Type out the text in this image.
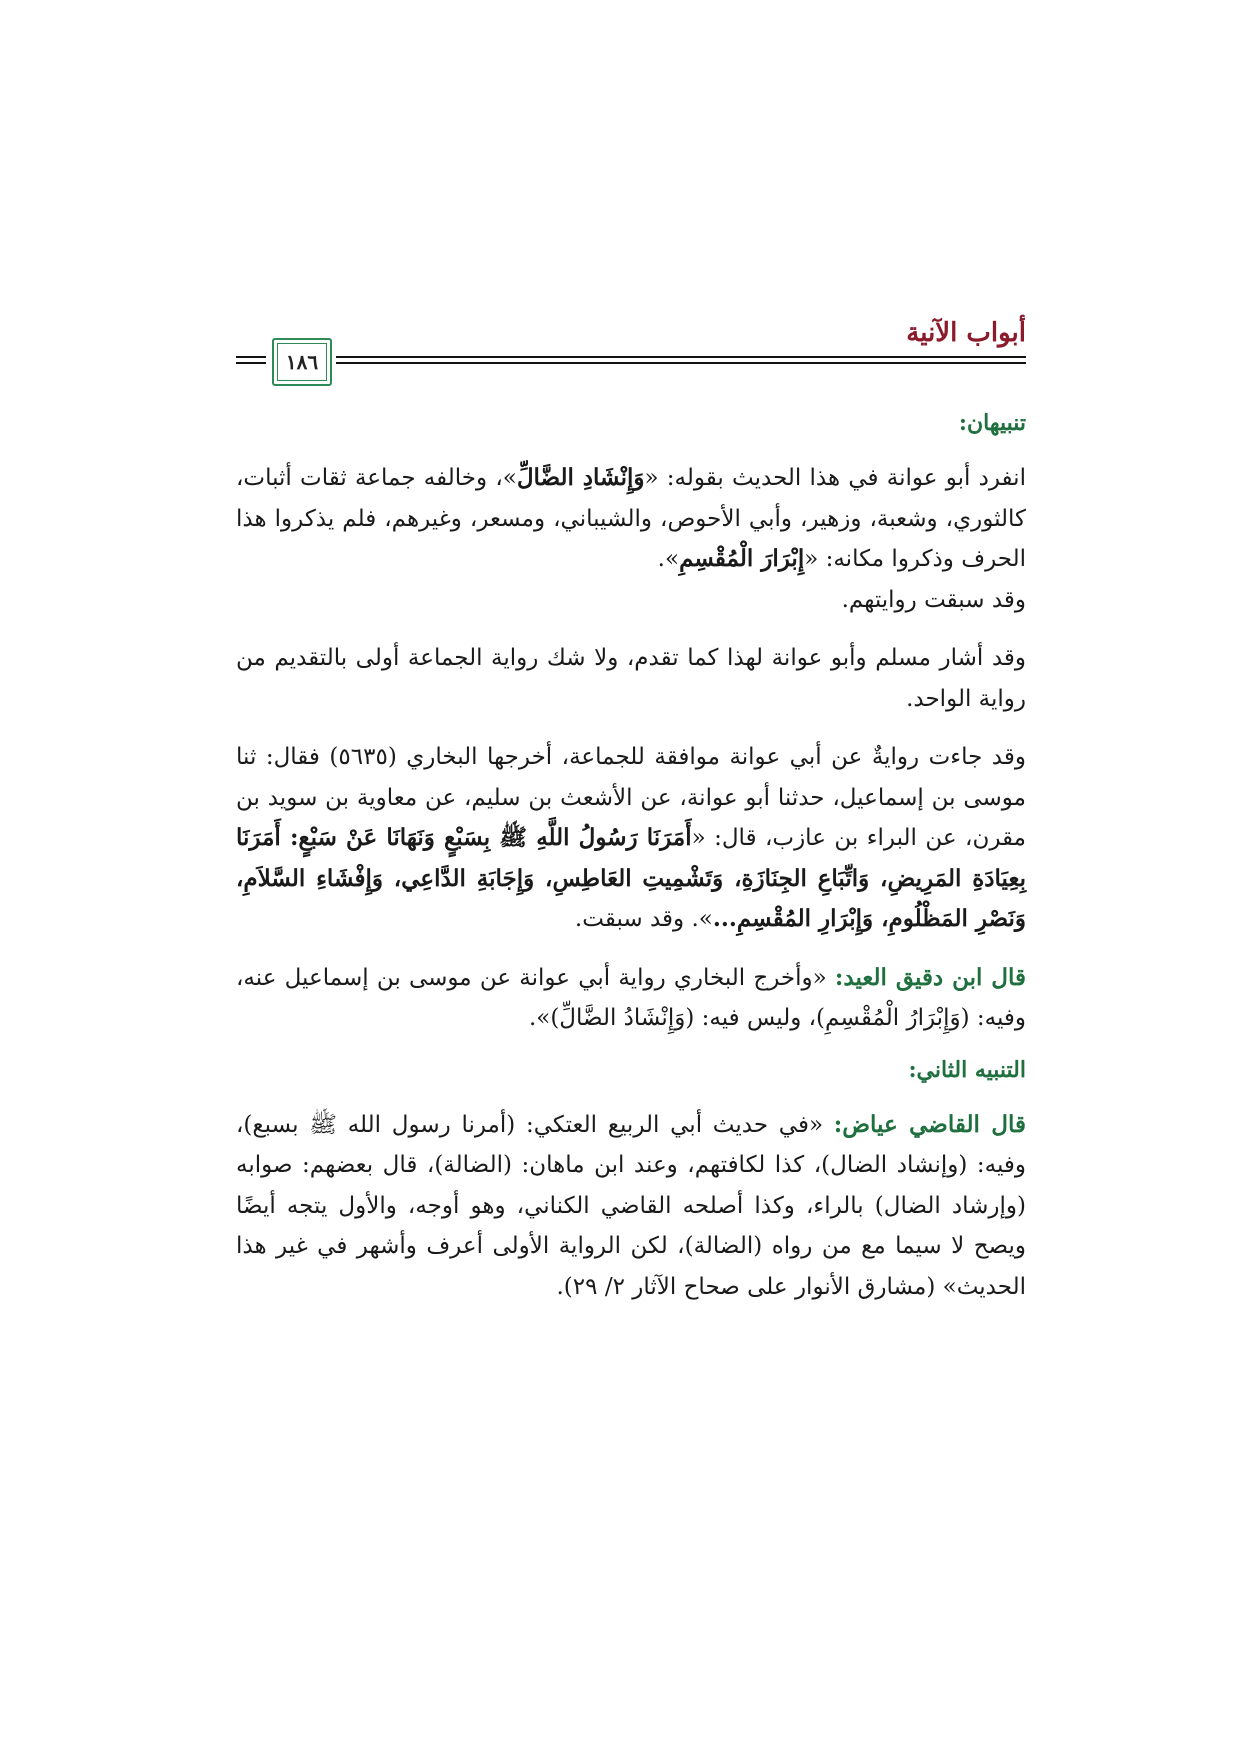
أبواب الآنية
١٨٦
تنبيهان:

انفرد أبو عوانة في هذا الحديث بقوله: «وَإِنْشَادِ الضَّالِّ»، وخالفه جماعة ثقات أثبات، كالثوري، وشعبة، وزهير، وأبي الأحوص، والشيباني، ومسعر، وغيرهم، فلم يذكروا هذا الحرف وذكروا مكانه: «إِبْرَارَ الْمُقْسِمِ».

وقد سبقت روايتهم.

وقد أشار مسلم وأبو عوانة لهذا كما تقدم، ولا شك رواية الجماعة أولى بالتقديم من رواية الواحد.

وقد جاءت روايةٌ عن أبي عوانة موافقة للجماعة، أخرجها البخاري (٥٦٣٥) فقال: ثنا موسى بن إسماعيل، حدثنا أبو عوانة، عن الأشعث بن سليم، عن معاوية بن سويد بن مقرن، عن البراء بن عازب، قال: «أَمَرَنَا رَسُولُ اللَّهِ ﷺ بِسَبْعٍ وَنَهَانَا عَنْ سَبْعٍ: أَمَرَنَا بِعِيَادَةِ المَرِيضِ، وَاتِّبَاعِ الجِنَازَةِ، وَتَشْمِيتِ العَاطِسِ، وَإِجَابَةِ الدَّاعِي، وَإِفْشَاءِ السَّلاَمِ، وَنَصْرِ المَظْلُومِ، وَإِبْرَارِ المُقْسِمِ...». وقد سبقت.

قال ابن دقيق العيد: «وأخرج البخاري رواية أبي عوانة عن موسى بن إسماعيل عنه، وفيه: (وَإِبْرَارُ الْمُقْسِمِ)، وليس فيه: (وَإِنْشَادُ الضَّالِّ)».

التنبيه الثاني:

قال القاضي عياض: «في حديث أبي الربيع العتكي: (أمرنا رسول الله ﷺ بسبع)، وفيه: (وإنشاد الضال)، كذا لكافتهم، وعند ابن ماهان: (الضالة)، قال بعضهم: صوابه (وإرشاد الضال) بالراء، وكذا أصلحه القاضي الكناني، وهو أوجه، والأول يتجه أيضًا ويصح لا سيما مع من رواه (الضالة)، لكن الرواية الأولى أعرف وأشهر في غير هذا الحديث» (مشارق الأنوار على صحاح الآثار ٢/ ٢٩).
